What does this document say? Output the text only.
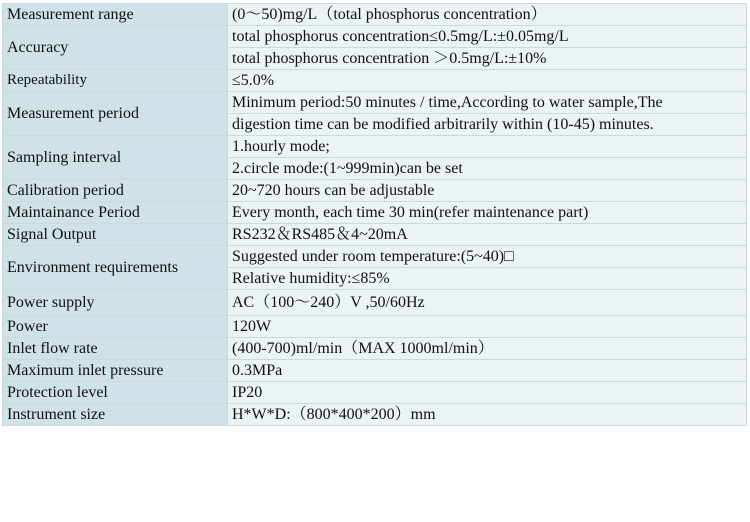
Measurement range	(0～50)mg/L（total phosphorus concentration）

Accuracy	total phosphorus concentration≤0.5mg/L:±0.05mg/L
total phosphorus concentration ＞0.5mg/L:±10%

Repeatability	≤5.0%

Measurement period	Minimum period:50 minutes / time,According to water sample,The
digestion time can be modified arbitrarily within (10-45) minutes.

Sampling interval	1.hourly mode;
2.circle mode:(1~999min)can be set

Calibration period	20~720 hours can be adjustable

Maintainance Period	Every month, each time 30 min(refer maintenance part)

Signal Output	RS232＆RS485＆4~20mA

Environment requirements	Suggested under room temperature:(5~40)□
Relative humidity:≤85%

Power supply	AC（100～240）V ,50/60Hz

Power	120W

Inlet flow rate	(400-700)ml/min（MAX 1000ml/min）

Maximum inlet pressure	0.3MPa

Protection level	IP20

Instrument size	H*W*D:（800*400*200）mm
